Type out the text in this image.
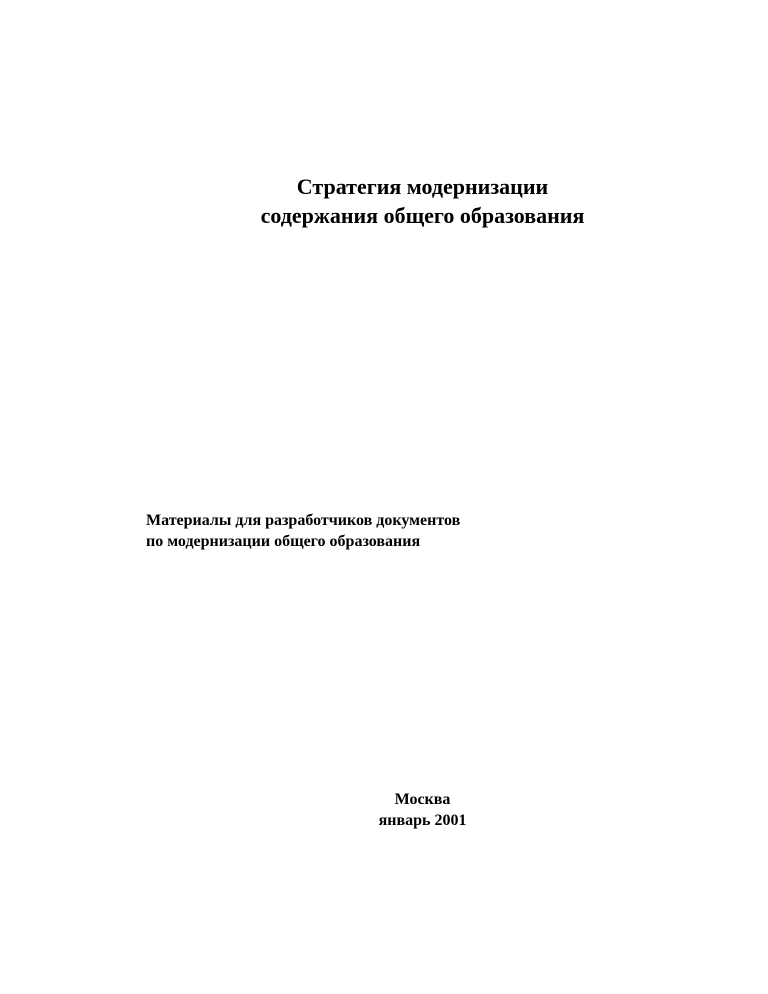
Стратегия модернизации
содержания общего образования
Материалы для разработчиков документов
по модернизации общего образования
Москва
январь 2001
